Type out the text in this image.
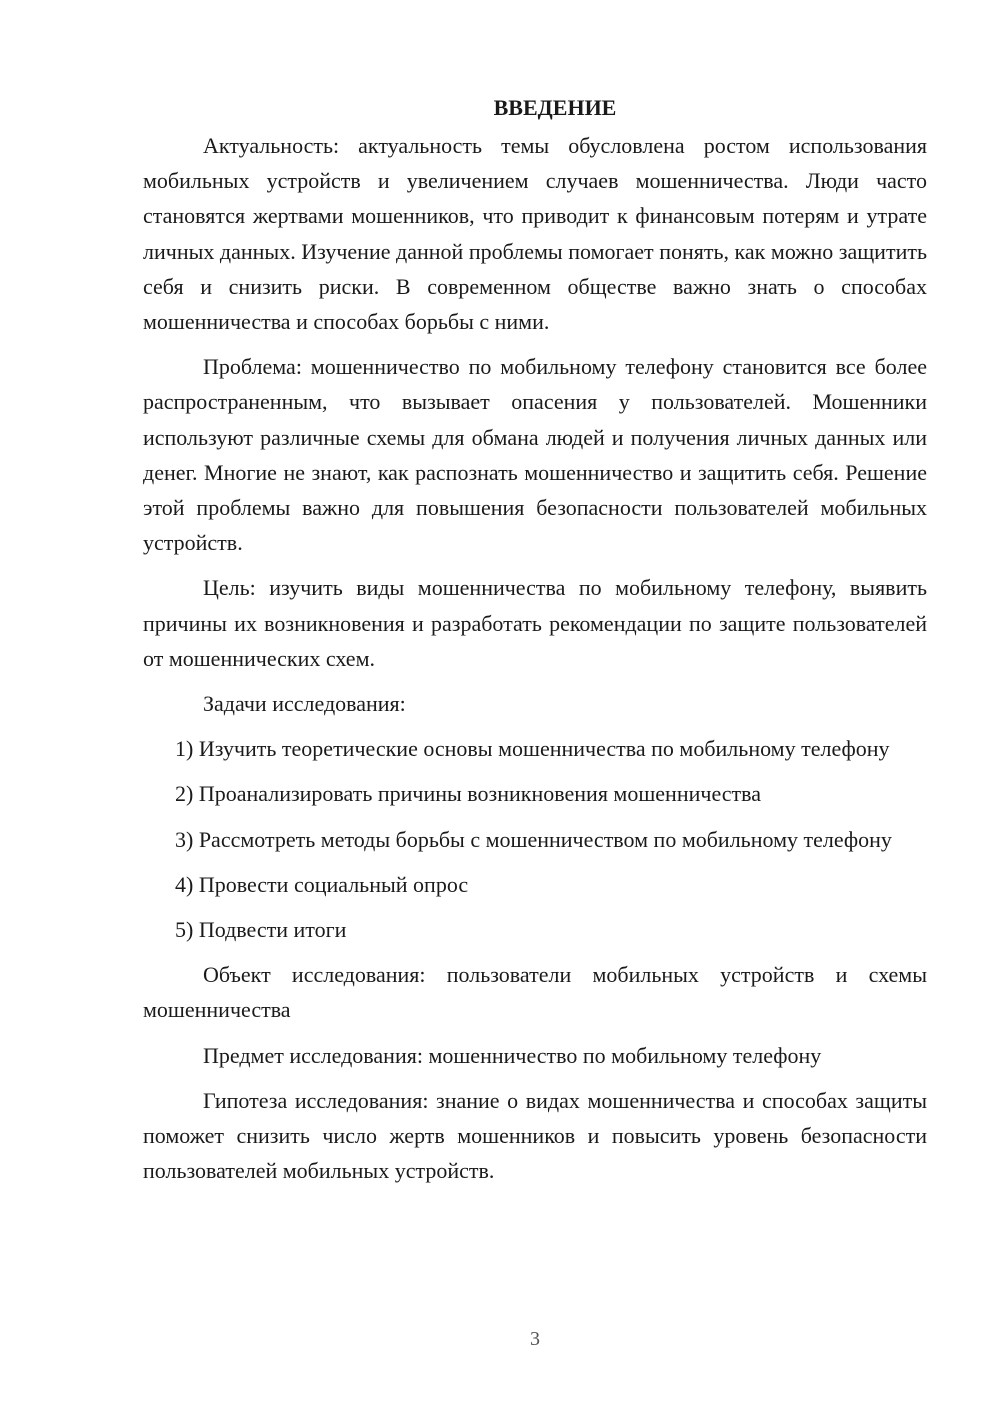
ВВЕДЕНИЕ

Актуальность: актуальность темы обусловлена ростом использования мобильных устройств и увеличением случаев мошенничества. Люди часто становятся жертвами мошенников, что приводит к финансовым потерям и утрате личных данных. Изучение данной проблемы помогает понять, как можно защитить себя и снизить риски. В современном обществе важно знать о способах мошенничества и способах борьбы с ними.

Проблема: мошенничество по мобильному телефону становится все более распространенным, что вызывает опасения у пользователей. Мошенники используют различные схемы для обмана людей и получения личных данных или денег. Многие не знают, как распознать мошенничество и защитить себя. Решение этой проблемы важно для повышения безопасности пользователей мобильных устройств.

Цель: изучить виды мошенничества по мобильному телефону, выявить причины их возникновения и разработать рекомендации по защите пользователей от мошеннических схем.

Задачи исследования:

1) Изучить теоретические основы мошенничества по мобильному телефону

2) Проанализировать причины возникновения мошенничества

3) Рассмотреть методы борьбы с мошенничеством по мобильному телефону

4) Провести социальный опрос

5) Подвести итоги

Объект исследования: пользователи мобильных устройств и схемы мошенничества

Предмет исследования: мошенничество по мобильному телефону

Гипотеза исследования: знание о видах мошенничества и способах защиты поможет снизить число жертв мошенников и повысить уровень безопасности пользователей мобильных устройств.

3
